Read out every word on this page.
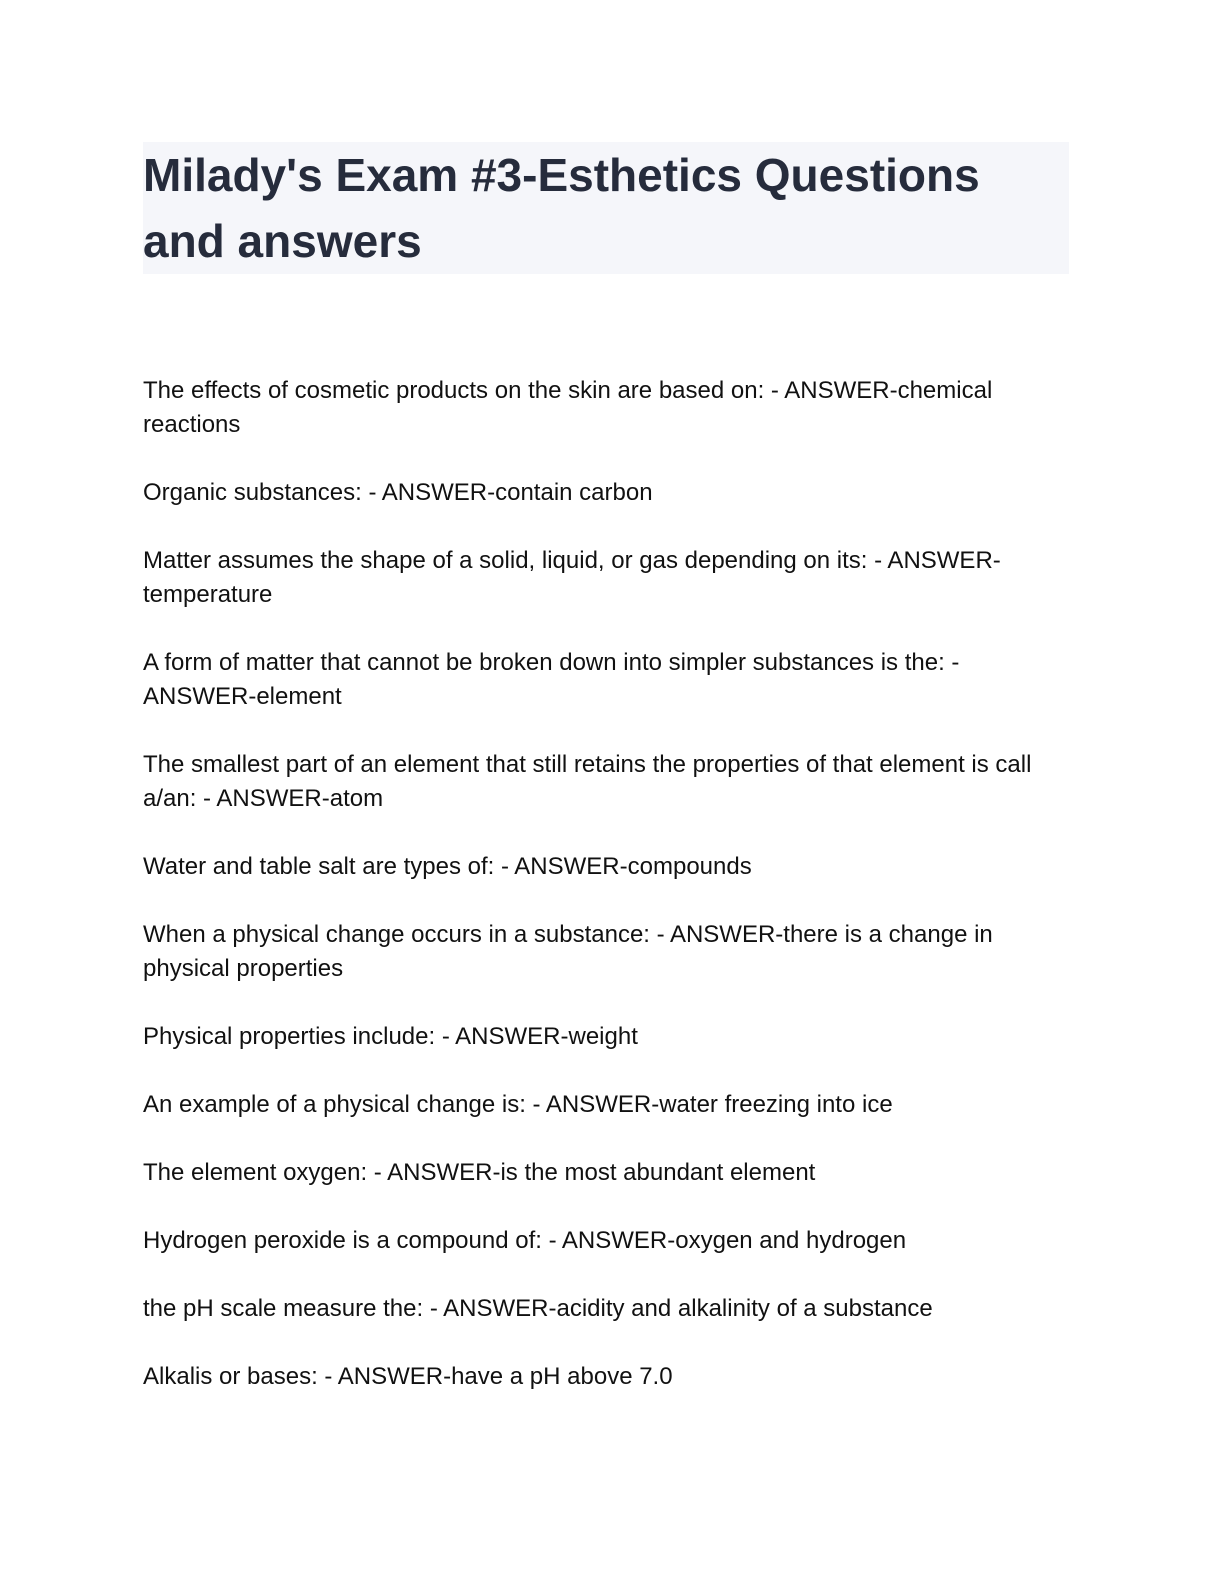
Milady's Exam #3-Esthetics Questions and answers
The effects of cosmetic products on the skin are based on: - ANSWER-chemical reactions
Organic substances: - ANSWER-contain carbon
Matter assumes the shape of a solid, liquid, or gas depending on its: - ANSWER-temperature
A form of matter that cannot be broken down into simpler substances is the: - ANSWER-element
The smallest part of an element that still retains the properties of that element is call a/an: - ANSWER-atom
Water and table salt are types of: - ANSWER-compounds
When a physical change occurs in a substance: - ANSWER-there is a change in physical properties
Physical properties include: - ANSWER-weight
An example of a physical change is: - ANSWER-water freezing into ice
The element oxygen: - ANSWER-is the most abundant element
Hydrogen peroxide is a compound of: - ANSWER-oxygen and hydrogen
the pH scale measure the: - ANSWER-acidity and alkalinity of a substance
Alkalis or bases: - ANSWER-have a pH above 7.0
